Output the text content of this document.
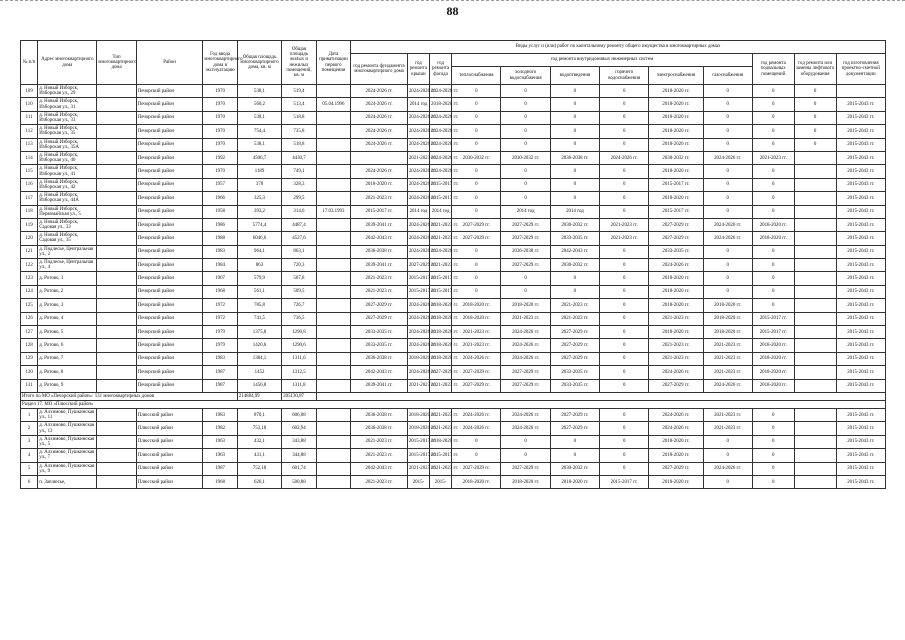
88
№ п/п	Адрес многоквартирного дома	Тип многоквартирного дома	Район	Год ввода многоквартирного дома в эксплуатацию	Общая площадь многоквартирного дома, кв. м	Общая площадь жилых и нежилых помещений, кв. м	Дата приватизации первого помещения	Виды услуг и (или) работ по капитальному ремонту общего имущества в многоквартирных домах											
								год ремонта фундамента многоквартирного дома	год ремонта крыши	год ремонта фасада	год ремонта внутридомовых инженерных систем						год ремонта подвальных помещений	год ремонта или замены лифтового оборудования	год изготовления проектно-сметной документации
											теплоснабжения	холодного водоснабжения	водоотведения	горячего водоснабжения	электроснабжения	газоснабжения			
109	д. Новый Изборск, Изборская ул., 29		Печорский район	1970	538,1	519,4		2024-2026 гг.	2024-2026 гг.	2024-2026 гг.	0	0	0	0	2018-2020 гг.	0	0	0	
110	д. Новый Изборск, Изборская ул., 31		Печорский район	1970	560,2	513,4	05.04.1996	2024-2026 гг.	2014 год	2018-2020 гг.	0	0	0	0	2018-2020 гг.	0	0	0	2015-2043 гг.
111	д. Новый Изборск, Изборская ул., 33		Печорский район	1970	538,1	518,8		2024-2026 гг.	2024-2026 гг.	2024-2026 гг.	0	0	0	0	2018-2020 гг.	0	0	0	2015-2043 гг.
112	д. Новый Изборск, Изборская ул., 35		Печорский район	1970	754,4	735,8		2024-2026 гг.	2024-2026 гг.	2024-2026 гг.	0	0	0	0	2018-2020 гг.	0	0	0	2015-2043 гг.
113	д. Новый Изборск, Изборская ул., 35А		Печорский район	1970	538,1	518,8		2024-2026 гг.	2024-2026 гг.	2024-2026 гг.	0	0	0	0	2018-2020 гг.	0	0	0	2015-2043 гг.
114	д. Новый Изборск, Изборская ул., 40		Печорский район	1992	4506,7	4430,7			2021-2023 гг.	2024-2026 гг.	2030-2032 гг.	2030-2032 гг.	2036-2038 гг.	2024-2026 гг.	2030-2032 гг.	2024-2026 гг.	2021-2023 гг.		2015-2043 гг.
115	д. Новый Изборск, Изборская ул., 41		Печорский район	1970	1189	749,1		2024-2026 гг.	2024-2026 гг.	2024-2026 гг.	0	0	0	0	2018-2020 гг.	0	0		2015-2043 гг.
116	д. Новый Изборск, Изборская ул., 42		Печорский район	1957	378	328,3		2018-2020 гг.	2024-2026 гг.	2015-2017 гг.	0	0	0	0	2015-2017 гг.	0	0		2015-2043 гг.
117	д. Новый Изборск, Изборская ул., 44А		Печорский район	1966	325,3	299,5		2021-2023 гг.	2024-2026 гг.	2015-2017 гг.	0	0	0	0	2018-2020 гг.	0	0		2015-2043 гг.
118	д. Новый Изборск, Первомайская ул., 5		Печорский район	1958	393,2	314,6	17.03.1993	2015-2017 гг.	2014 год	2014 год	0	2014 год	2014 год	0	2015-2017 гг.	0	0		2015-2043 гг.
119	д. Новый Изборск, Садовая ул., 33		Печорский район	1986	5774,4	4487,4		2039-2041 гг.	2024-2026 гг.	2021-2023 гг.	2027-2029 гг.	2027-2029 гг.	2030-2032 гг.	2021-2023 гг.	2027-2029 гг.	2024-2026 гг.	2018-2020 гг.		2015-2043 гг.
120	д. Новый Изборск, Садовая ул., 35		Печорский район	1988	6046,6	4527,6		2042-2043 гг.	2024-2026 гг.	2021-2023 гг.	2027-2029 гг.	2027-2029 гг.	2033-2035 гг.	2021-2023 гг.	2027-2029 гг.	2024-2026 гг.	2018-2020 гг.		2015-2043 гг.
121	д. Подлесье, Центральная ул., 2		Печорский район	1983	964,1	863,1		2036-2038 гг.	2024-2026 гг.	2024-2026 гг.	0	2036-2038 гг.	2042-2043 гг.	0	2033-2035 гг.	0	0		2015-2043 гг.
122	д. Подлесье, Центральная ул., 4		Печорский район	1984	863	720,3		2039-2041 гг.	2027-2029 гг.	2021-2023 гг.	0	2027-2029 гг.	2030-2032 гг.	0	2024-2026 гг.	0	0		2015-2043 гг.
123	д. Ротово, 1		Печорский район	1967	579,9	507,8		2021-2023 гг.	2015-2017 гг.	2015-2017 гг.	0	0	0	0	2018-2020 гг.	0	0		2015-2043 гг.
124	д. Ротово, 2		Печорский район	1968	561,1	509,5		2021-2023 гг.	2015-2017 гг.	2015-2017 гг.	0	0	0	0	2018-2020 гг.	0	0		2015-2043 гг.
125	д. Ротово, 3		Печорский район	1972	785,8	726,7		2027-2029 гг.	2024-2026 гг.	2018-2020 гг.	2018-2020 гг.	2018-2020 гг.	2021-2023 гг.	0	2018-2020 гг.	2018-2020 гг.	0		2015-2043 гг.
126	д. Ротово, 4		Печорский район	1972	741,5	736,5		2027-2029 гг.	2024-2026 гг.	2018-2020 гг.	2018-2020 гг.	2021-2023 гг.	2021-2023 гг.	0	2021-2023 гг.	2018-2020 гг.	2015-2017 гг.		2015-2043 гг.
127	д. Ротово, 5		Печорский район	1979	1375,8	1290,8		2033-2035 гг.	2024-2026 гг.	2018-2020 гг.	2021-2023 гг.	2024-2026 гг.	2027-2029 гг.	0	2018-2020 гг.	2018-2020 гг.	2015-2017 гг.		2015-2043 гг.
128	д. Ротово, 6		Печорский район	1979	1420,6	1290,6		2033-2035 гг.	2024-2026 гг.	2018-2020 гг.	2021-2023 гг.	2024-2026 гг.	2027-2029 гг.	0	2021-2023 гг.	2021-2023 гг.	2018-2020 гг.		2015-2043 гг.
129	д. Ротово, 7		Печорский район	1983	1384,1	1311,6		2036-2038 гг.	2018-2020 гг.	2018-2020 гг.	2024-2026 гг.	2024-2026 гг.	2027-2029 гг.	0	2021-2023 гг.	2021-2023 гг.	2018-2020 гг.		2015-2043 гг.
130	д. Ротово, 8		Печорский район	1987	1452	1312,5		2042-2043 гг.	2024-2026 гг.	2027-2029 гг.	2027-2029 гг.	2027-2029 гг.	2033-2035 гг.	0	2024-2026 гг.	2021-2023 гг.	2018-2020 гг.		2015-2043 гг.
131	д. Ротово, 9		Печорский район	1987	1456,8	1311,8		2039-2041 гг.	2021-2023 гг.	2021-2023 гг.	2027-2029 гг.	2027-2029 гг.	2033-2035 гг.	0	2027-2029 гг.	2024-2026 гг.	2018-2020 гг.		2015-2043 гг.
Итого по МО «Печорский район»: 131 многоквартирных домов					214884,99	205130,87													
Раздел 17. МО «Плюсский район»																			
1	д. Алхимово, Пушкинская ул., 11		Плюсский район	1983	870,1	606,08		2036-2038 гг.	2018-2020 гг.	2021-2023 гг.	2024-2026 гг.	2024-2026 гг.	2027-2029 гг.	0	2024-2026 гг.	2021-2023 гг.	0		2015-2043 гг.
2	д. Алхимово, Пушкинская ул., 13		Плюсский район	1982	753,18	602,94		2036-2038 гг.	2018-2020 гг.	2021-2023 гг.	2024-2026 гг.	2024-2026 гг.	2027-2029 гг.	0	2024-2026 гг.	2021-2023 гг.	0		2015-2043 гг.
3	д. Алхимово, Пушкинская ул., 5		Плюсский район	1963	432,1	343,88		2021-2023 гг.	2015-2017 гг.	2018-2020 гг.	0	0	0	0	2018-2020 гг.	0	0		2015-2043 гг.
4	д. Алхимово, Пушкинская ул., 7		Плюсский район	1963	431,1	344,88		2021-2023 гг.	2015-2017 гг.	2015-2017 гг.	0	0	0	0	2018-2020 гг.	0	0		2015-2043 гг.
5	д. Алхимово, Пушкинская ул., 9		Плюсский район	1987	752,18	601,74		2042-2043 гг.	2021-2023 гг.	2021-2023 гг.	2027-2029 гг.	2027-2029 гг.	2030-2032 гг.	0	2027-2029 гг.	2024-2026 гг.	0		2015-2043 гг.
6	п. Заплюсье,		Плюсский район	1968	626,1	500,88		2021-2023 гг.	2015-	2015-	2018-2020 гг.	2018-2020 гг.	2018-2020 гг.	2015-2017 гг.	2018-2020 гг.	0	0		2015-2043 гг.
